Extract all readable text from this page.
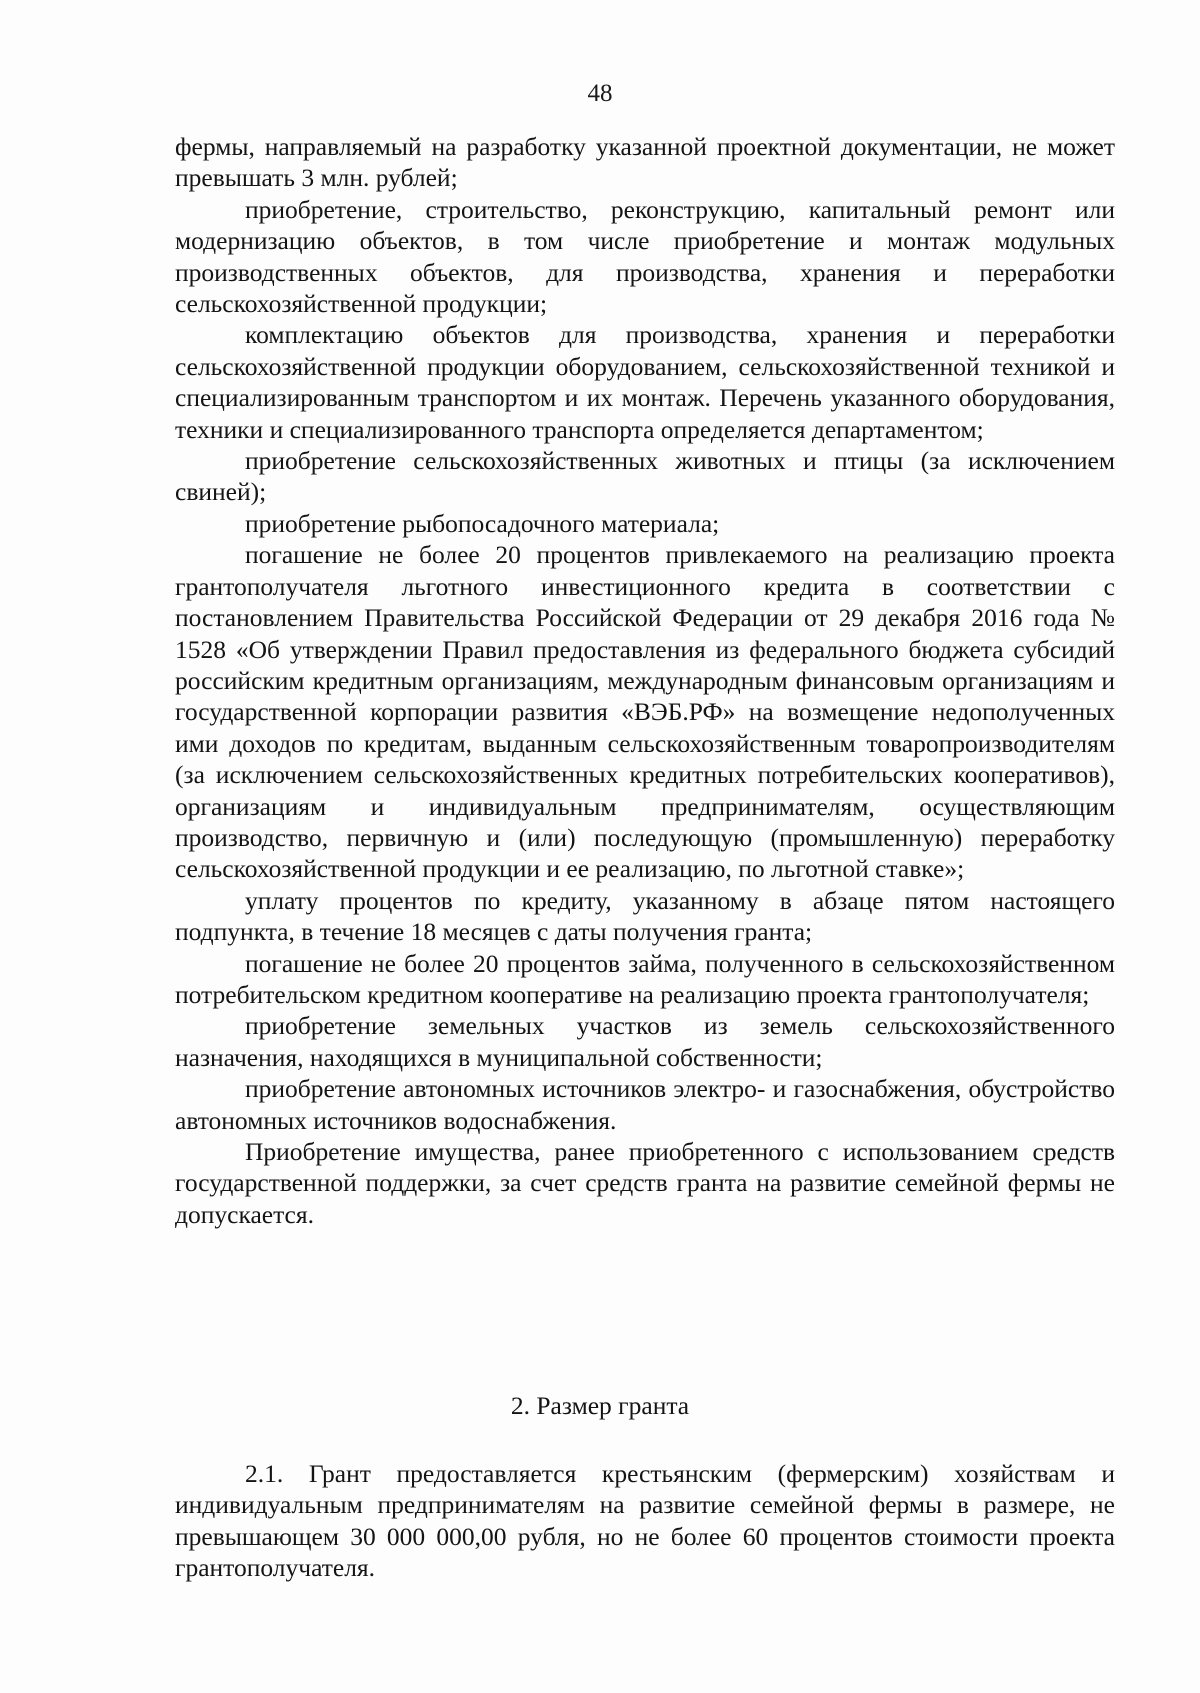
48

фермы, направляемый на разработку указанной проектной документации, не может превышать 3 млн. рублей;

приобретение, строительство, реконструкцию, капитальный ремонт или модернизацию объектов, в том числе приобретение и монтаж модульных производственных объектов, для производства, хранения и переработки сельскохозяйственной продукции;

комплектацию объектов для производства, хранения и переработки сельскохозяйственной продукции оборудованием, сельскохозяйственной техникой и специализированным транспортом и их монтаж. Перечень указанного оборудования, техники и специализированного транспорта определяется департаментом;

приобретение сельскохозяйственных животных и птицы (за исключением свиней);

приобретение рыбопосадочного материала;

погашение не более 20 процентов привлекаемого на реализацию проекта грантополучателя льготного инвестиционного кредита в соответствии с постановлением Правительства Российской Федерации от 29 декабря 2016 года № 1528 «Об утверждении Правил предоставления из федерального бюджета субсидий российским кредитным организациям, международным финансовым организациям и государственной корпорации развития «ВЭБ.РФ» на возмещение недополученных ими доходов по кредитам, выданным сельскохозяйственным товаропроизводителям (за исключением сельскохозяйственных кредитных потребительских кооперативов), организациям и индивидуальным предпринимателям, осуществляющим производство, первичную и (или) последующую (промышленную) переработку сельскохозяйственной продукции и ее реализацию, по льготной ставке»;

уплату процентов по кредиту, указанному в абзаце пятом настоящего подпункта, в течение 18 месяцев с даты получения гранта;

погашение не более 20 процентов займа, полученного в сельскохозяйственном потребительском кредитном кооперативе на реализацию проекта грантополучателя;

приобретение земельных участков из земель сельскохозяйственного назначения, находящихся в муниципальной собственности;

приобретение автономных источников электро- и газоснабжения, обустройство автономных источников водоснабжения.

Приобретение имущества, ранее приобретенного с использованием средств государственной поддержки, за счет средств гранта на развитие семейной фермы не допускается.

2. Размер гранта

2.1. Грант предоставляется крестьянским (фермерским) хозяйствам и индивидуальным предпринимателям на развитие семейной фермы в размере, не превышающем 30 000 000,00 рубля, но не более 60 процентов стоимости проекта грантополучателя.
